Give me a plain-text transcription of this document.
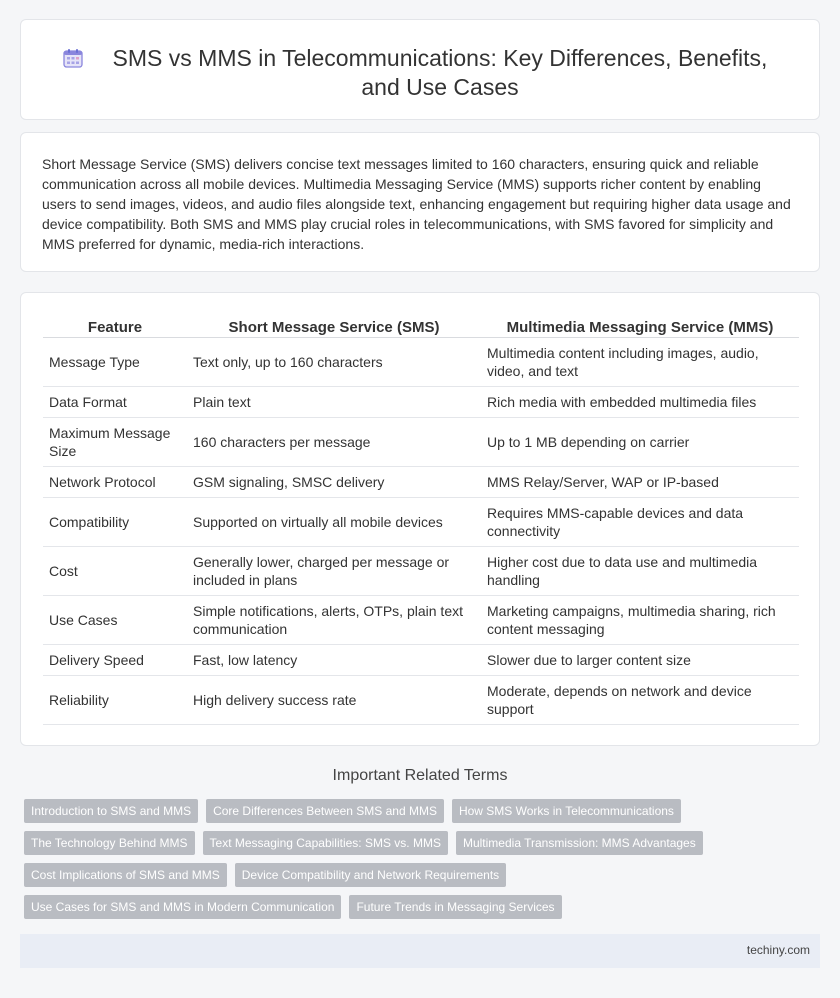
SMS vs MMS in Telecommunications: Key Differences, Benefits, and Use Cases

Short Message Service (SMS) delivers concise text messages limited to 160 characters, ensuring quick and reliable communication across all mobile devices. Multimedia Messaging Service (MMS) supports richer content by enabling users to send images, videos, and audio files alongside text, enhancing engagement but requiring higher data usage and device compatibility. Both SMS and MMS play crucial roles in telecommunications, with SMS favored for simplicity and MMS preferred for dynamic, media-rich interactions.

Feature	Short Message Service (SMS)	Multimedia Messaging Service (MMS)
Message Type	Text only, up to 160 characters	Multimedia content including images, audio, video, and text
Data Format	Plain text	Rich media with embedded multimedia files
Maximum Message Size	160 characters per message	Up to 1 MB depending on carrier
Network Protocol	GSM signaling, SMSC delivery	MMS Relay/Server, WAP or IP-based
Compatibility	Supported on virtually all mobile devices	Requires MMS-capable devices and data connectivity
Cost	Generally lower, charged per message or included in plans	Higher cost due to data use and multimedia handling
Use Cases	Simple notifications, alerts, OTPs, plain text communication	Marketing campaigns, multimedia sharing, rich content messaging
Delivery Speed	Fast, low latency	Slower due to larger content size
Reliability	High delivery success rate	Moderate, depends on network and device support
Important Related Terms
Introduction to SMS and MMS	Core Differences Between SMS and MMS	How SMS Works in Telecommunications
The Technology Behind MMS	Text Messaging Capabilities: SMS vs. MMS	Multimedia Transmission: MMS Advantages
Cost Implications of SMS and MMS	Device Compatibility and Network Requirements
Use Cases for SMS and MMS in Modern Communication	Future Trends in Messaging Services
techiny.com
